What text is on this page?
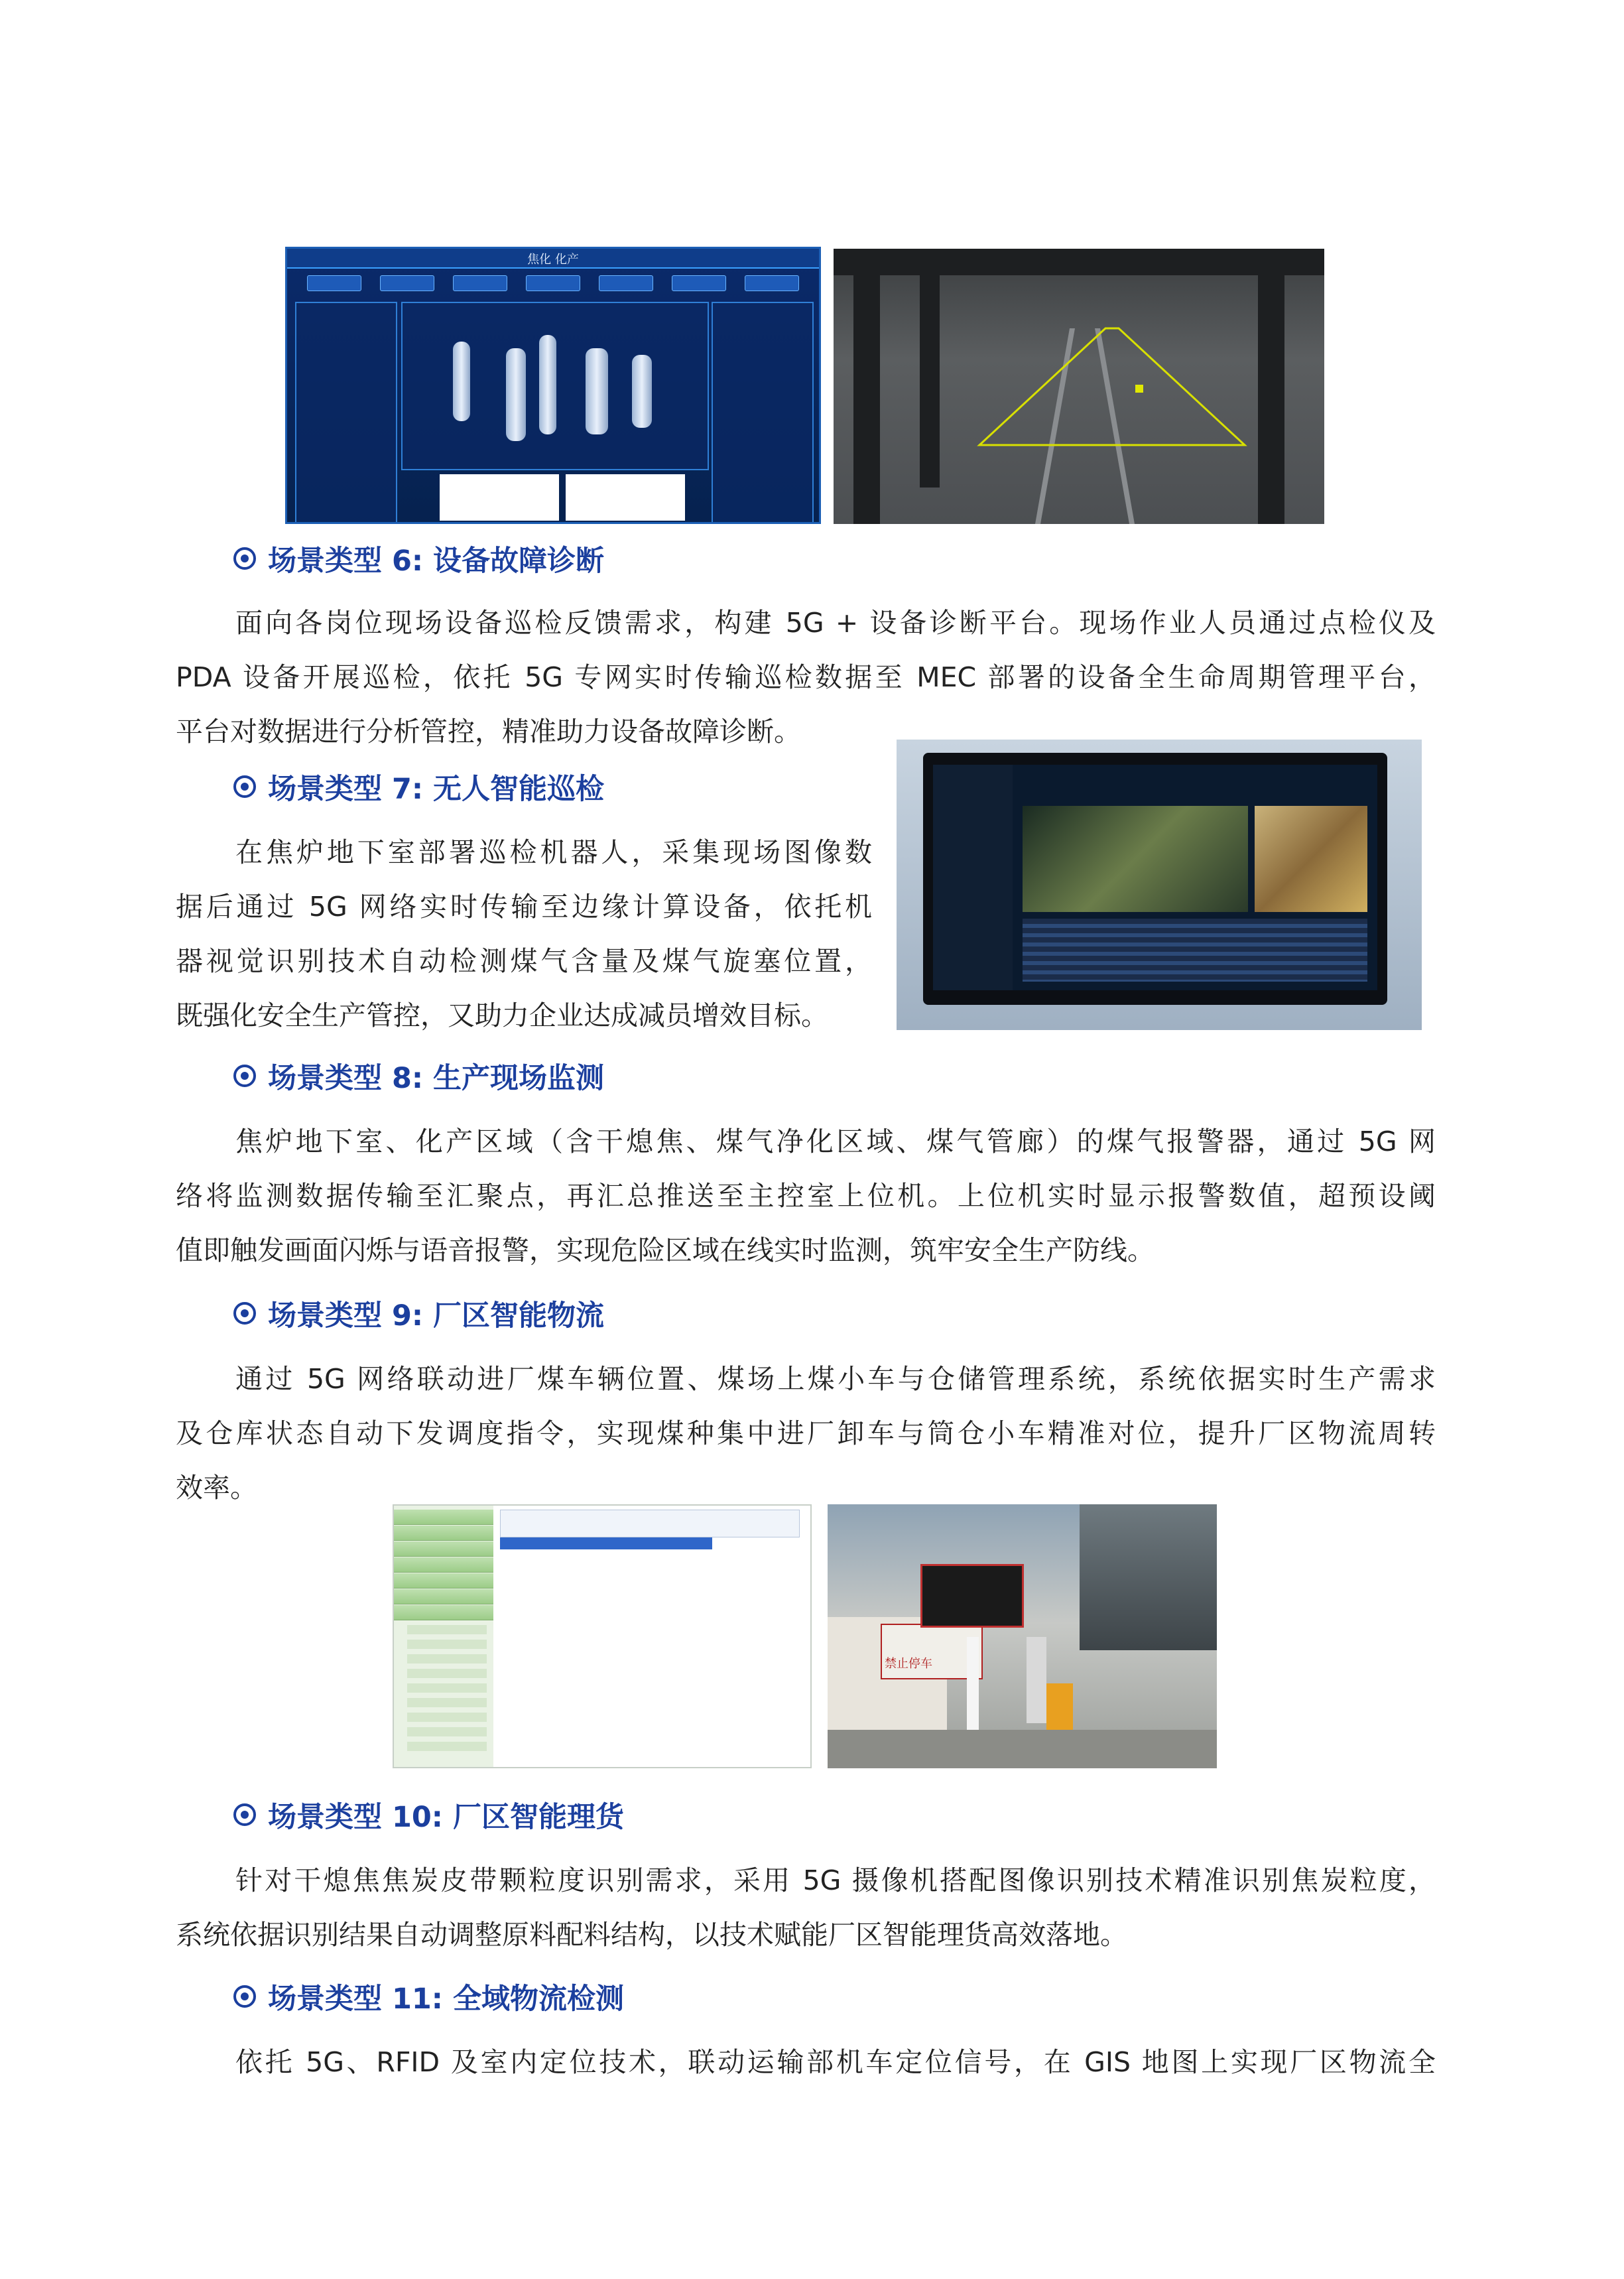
焦化 化产
场景类型 6: 设备故障诊断
面向各岗位现场设备巡检反馈需求，构建 5G + 设备诊断平台。现场作业人员通过点检仪及
PDA 设备开展巡检，依托 5G 专网实时传输巡检数据至 MEC 部署的设备全生命周期管理平台，
平台对数据进行分析管控，精准助力设备故障诊断。
场景类型 7: 无人智能巡检
在焦炉地下室部署巡检机器人，采集现场图像数
据后通过 5G 网络实时传输至边缘计算设备，依托机
器视觉识别技术自动检测煤气含量及煤气旋塞位置，
既强化安全生产管控，又助力企业达成减员增效目标。
场景类型 8: 生产现场监测
焦炉地下室、化产区域（含干熄焦、煤气净化区域、煤气管廊）的煤气报警器，通过 5G 网
络将监测数据传输至汇聚点，再汇总推送至主控室上位机。上位机实时显示报警数值，超预设阈
值即触发画面闪烁与语音报警，实现危险区域在线实时监测，筑牢安全生产防线。
场景类型 9: 厂区智能物流
通过 5G 网络联动进厂煤车辆位置、煤场上煤小车与仓储管理系统，系统依据实时生产需求
及仓库状态自动下发调度指令，实现煤种集中进厂卸车与筒仓小车精准对位，提升厂区物流周转
效率。
禁止停车
场景类型 10: 厂区智能理货
针对干熄焦焦炭皮带颗粒度识别需求，采用 5G 摄像机搭配图像识别技术精准识别焦炭粒度，
系统依据识别结果自动调整原料配料结构，以技术赋能厂区智能理货高效落地。
场景类型 11: 全域物流检测
依托 5G、RFID 及室内定位技术，联动运输部机车定位信号，在 GIS 地图上实现厂区物流全
